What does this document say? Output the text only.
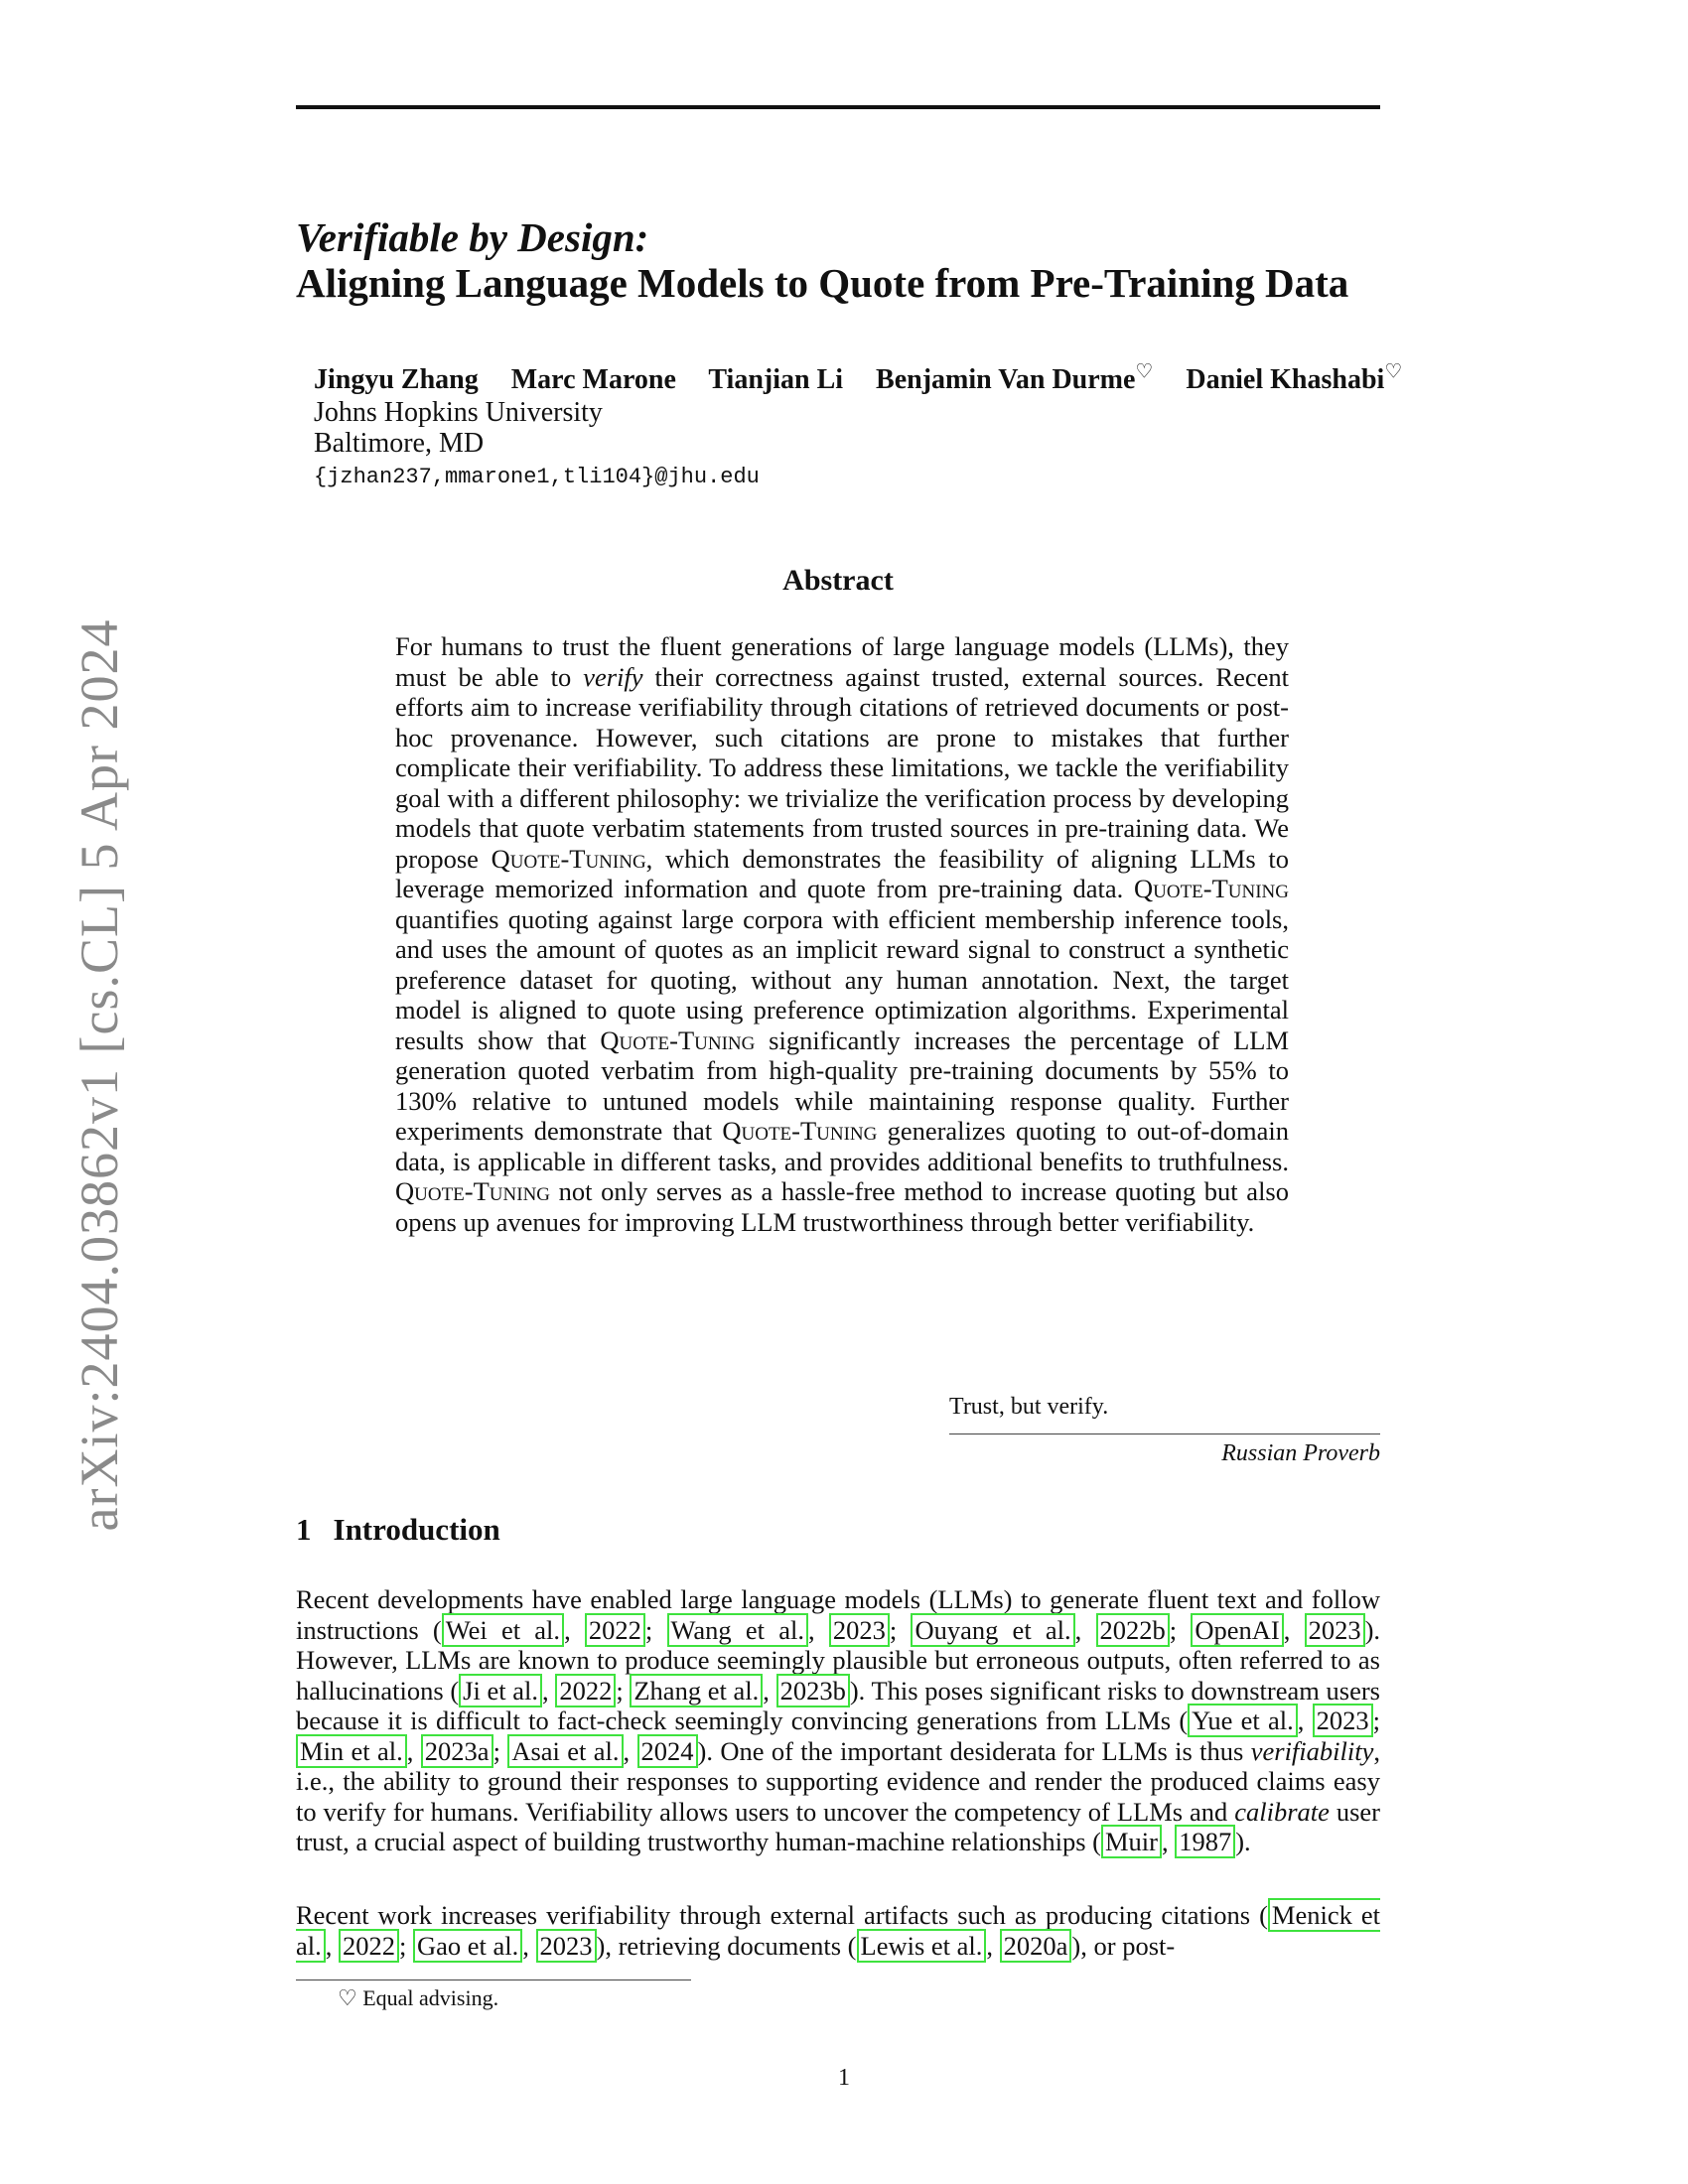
arXiv:2404.03862v1 [cs.CL] 5 Apr 2024
Verifiable by Design:
Aligning Language Models to Quote from Pre-Training Data
Jingyu Zhang Marc Marone Tianjian Li Benjamin Van Durme♡ Daniel Khashabi♡
Johns Hopkins University
Baltimore, MD
{jzhan237,mmarone1,tli104}@jhu.edu
Abstract
For humans to trust the fluent generations of large language models (LLMs), they must be able to verify their correctness against trusted, external sources. Recent efforts aim to increase verifiability through citations of retrieved documents or post-hoc provenance. However, such citations are prone to mistakes that further complicate their verifiability. To address these limitations, we tackle the verifiability goal with a different philosophy: we trivialize the verification process by developing models that quote verbatim statements from trusted sources in pre-training data. We propose Quote-Tuning, which demonstrates the feasibility of aligning LLMs to leverage memorized information and quote from pre-training data. Quote-Tuning quantifies quoting against large corpora with efficient membership inference tools, and uses the amount of quotes as an implicit reward signal to construct a synthetic preference dataset for quoting, without any human annotation. Next, the target model is aligned to quote using preference optimization algorithms. Experimental results show that Quote-Tuning significantly increases the percentage of LLM generation quoted verbatim from high-quality pre-training documents by 55% to 130% relative to untuned models while maintaining response quality. Further experiments demonstrate that Quote-Tuning generalizes quoting to out-of-domain data, is applicable in different tasks, and provides additional benefits to truthfulness. Quote-Tuning not only serves as a hassle-free method to increase quoting but also opens up avenues for improving LLM trustworthiness through better verifiability.
Trust, but verify.
Russian Proverb
1 Introduction
Recent developments have enabled large language models (LLMs) to generate fluent text and follow instructions ( Wei et al. , 2022 ; Wang et al. , 2023 ; Ouyang et al. , 2022b ; OpenAI , 2023 ). However, LLMs are known to produce seemingly plausible but erroneous outputs, often referred to as hallucinations ( Ji et al. , 2022 ; Zhang et al. , 2023b ). This poses significant risks to downstream users because it is difficult to fact-check seemingly convincing generations from LLMs ( Yue et al. , 2023 ; Min et al. , 2023a ; Asai et al. , 2024 ). One of the important desiderata for LLMs is thus verifiability, i.e., the ability to ground their responses to supporting evidence and render the produced claims easy to verify for humans. Verifiability allows users to uncover the competency of LLMs and calibrate user trust, a crucial aspect of building trustworthy human-machine relationships ( Muir , 1987 ).
Recent work increases verifiability through external artifacts such as producing citations ( Menick et al. , 2022 ; Gao et al. , 2023 ), retrieving documents ( Lewis et al. , 2020a ), or post-
♡ Equal advising.
1
